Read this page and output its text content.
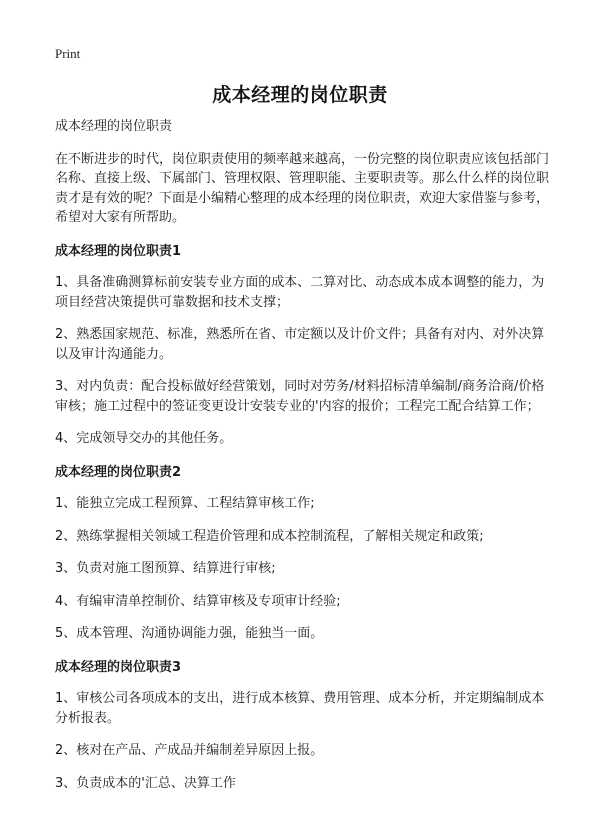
Print
成本经理的岗位职责

成本经理的岗位职责

在不断进步的时代，岗位职责使用的频率越来越高，一份完整的岗位职责应该包括部门名称、直接上级、下属部门、管理权限、管理职能、主要职责等。那么什么样的岗位职责才是有效的呢？下面是小编精心整理的成本经理的岗位职责，欢迎大家借鉴与参考，希望对大家有所帮助。

成本经理的岗位职责1

1、具备准确测算标前安装专业方面的成本、二算对比、动态成本成本调整的能力，为项目经营决策提供可靠数据和技术支撑；

2、熟悉国家规范、标准，熟悉所在省、市定额以及计价文件；具备有对内、对外决算以及审计沟通能力。

3、对内负责：配合投标做好经营策划，同时对劳务/材料招标清单编制/商务洽商/价格审核；施工过程中的签证变更设计安装专业的'内容的报价；工程完工配合结算工作；

4、完成领导交办的其他任务。

成本经理的岗位职责2

1、能独立完成工程预算、工程结算审核工作;

2、熟练掌握相关领域工程造价管理和成本控制流程，了解相关规定和政策;

3、负责对施工图预算、结算进行审核;

4、有编审清单控制价、结算审核及专项审计经验;

5、成本管理、沟通协调能力强，能独当一面。

成本经理的岗位职责3

1、审核公司各项成本的支出，进行成本核算、费用管理、成本分析，并定期编制成本分析报表。

2、核对在产品、产成品并编制差异原因上报。

3、负责成本的'汇总、决算工作
